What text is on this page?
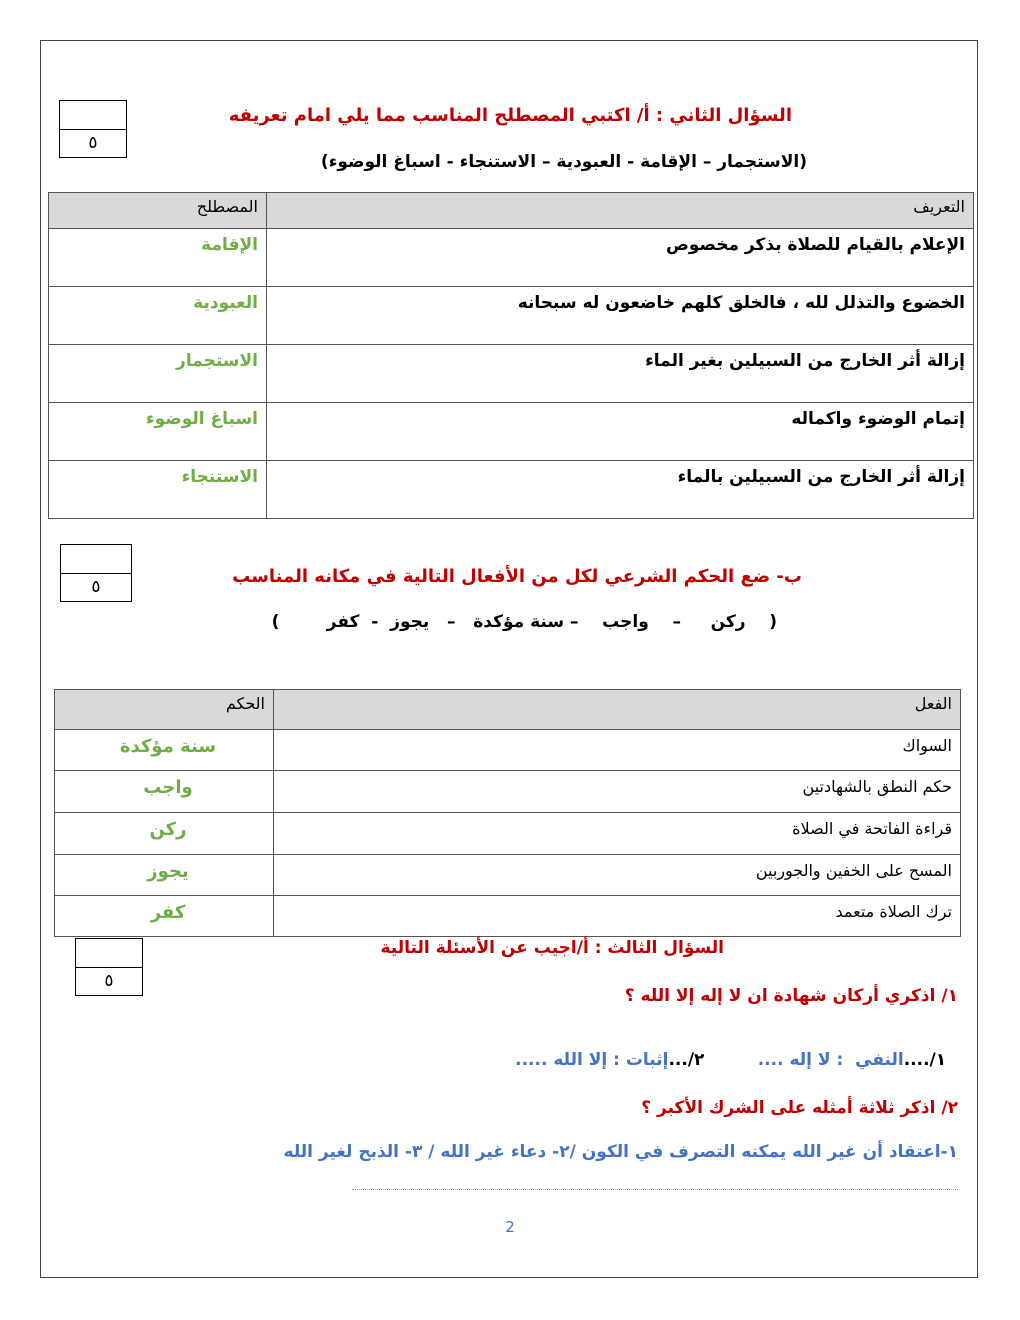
٥
السؤال الثاني : أ/ اكتبي المصطلح المناسب مما يلي امام تعريفه
(الاستجمار – الإقامة - العبودية – الاستنجاء - اسباغ الوضوء)
المصطلح	التعريف
الإقامة	الإعلام بالقيام للصلاة بذكر مخصوص
العبودية	الخضوع والتذلل لله ، فالخلق كلهم خاضعون له سبحانه
الاستجمار	إزالة أثر الخارج من السبيلين بغير الماء
اسباغ الوضوء	إتمام الوضوء واكماله
الاستنجاء	إزالة أثر الخارج من السبيلين بالماء
٥	ب- ضع الحكم الشرعي لكل من الأفعال التالية في مكانه المناسب
(    ركن     –    واجب    – سنة مؤكدة   –   يجوز  -  كفر        )
الحكم	الفعل
سنة مؤكدة	السواك
واجب	حكم النطق بالشهادتين
ركن	قراءة الفاتحة في الصلاة
يجوز	المسح على الخفين والجوربين
كفر	ترك الصلاة متعمد
٥
السؤال الثالث : أ/اجيب عن الأسئلة التالية
١/ اذكري أركان شهادة ان لا إله إلا الله ؟

١/....النفي  : لا إله ....         ٢/...إثبات : إلا الله .....

٢/ اذكر ثلاثة أمثله على الشرك الأكبر ؟
١-اعتقاد أن غير الله يمكنه التصرف في الكون /٢- دعاء غير الله / ٣- الذبح لغير الله
2
